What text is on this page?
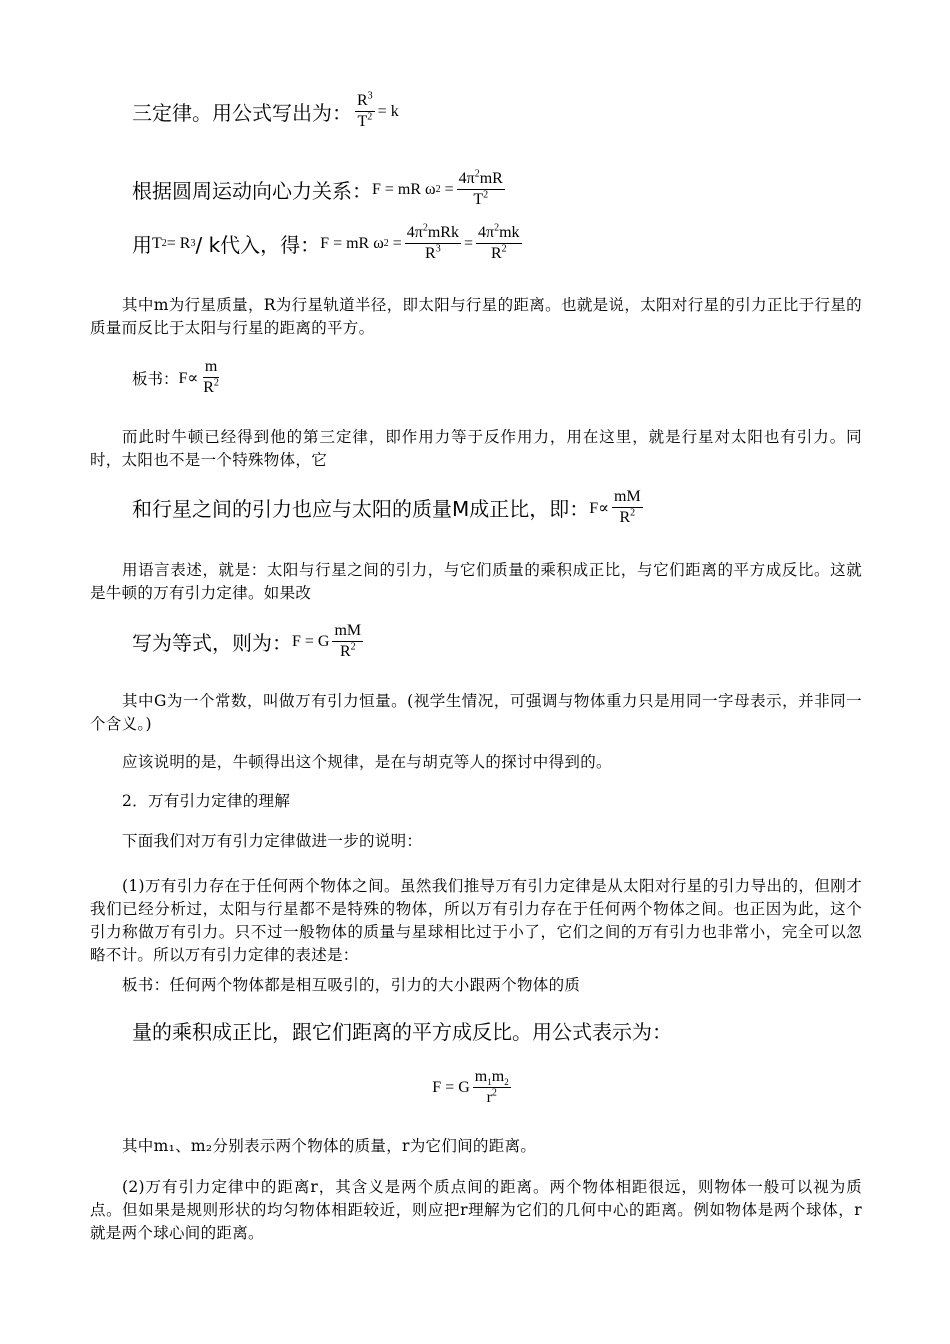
三定律。用公式写出为： $\frac{R^3}{T^2} = k$
根据圆周运动向心力关系： F = mR ω $2 = \frac{4\pi^2mR}{T^2}$
用 T 2 = R 3 / k代入，得： F = mR ω $2 = \frac{4\pi^2mRk}{R^3} = \frac{4\pi^2mk}{R^2}$
其中m为行星质量，R为行星轨道半径，即太阳与行星的距离。也就是说，太阳对行星的引力正比于行星的质量而反比于太阳与行星的距离的平方。
板书： $F\propto \frac{m}{R^2}$
而此时牛顿已经得到他的第三定律，即作用力等于反作用力，用在这里，就是行星对太阳也有引力。同时，太阳也不是一个特殊物体，它
和行星之间的引力也应与太阳的质量M成正比，即： $F\propto \frac{mM}{R^2}$
用语言表述，就是：太阳与行星之间的引力，与它们质量的乘积成正比，与它们距离的平方成反比。这就是牛顿的万有引力定律。如果改
写为等式，则为： F = G $\frac{mM}{R^2}$
其中G为一个常数，叫做万有引力恒量。(视学生情况，可强调与物体重力只是用同一字母表示，并非同一个含义。)
应该说明的是，牛顿得出这个规律，是在与胡克等人的探讨中得到的。
2．万有引力定律的理解
下面我们对万有引力定律做进一步的说明：
(1)万有引力存在于任何两个物体之间。虽然我们推导万有引力定律是从太阳对行星的引力导出的，但刚才我们已经分析过，太阳与行星都不是特殊的物体，所以万有引力存在于任何两个物体之间。也正因为此，这个引力称做万有引力。只不过一般物体的质量与星球相比过于小了，它们之间的万有引力也非常小，完全可以忽略不计。所以万有引力定律的表述是：
板书：任何两个物体都是相互吸引的，引力的大小跟两个物体的质
量的乘积成正比，跟它们距离的平方成反比。用公式表示为：
F = G $\frac{m_1m_2}{r^2}$
其中m₁、m₂分别表示两个物体的质量，r为它们间的距离。
(2)万有引力定律中的距离r，其含义是两个质点间的距离。两个物体相距很远，则物体一般可以视为质点。但如果是规则形状的均匀物体相距较近，则应把r理解为它们的几何中心的距离。例如物体是两个球体，r就是两个球心间的距离。
